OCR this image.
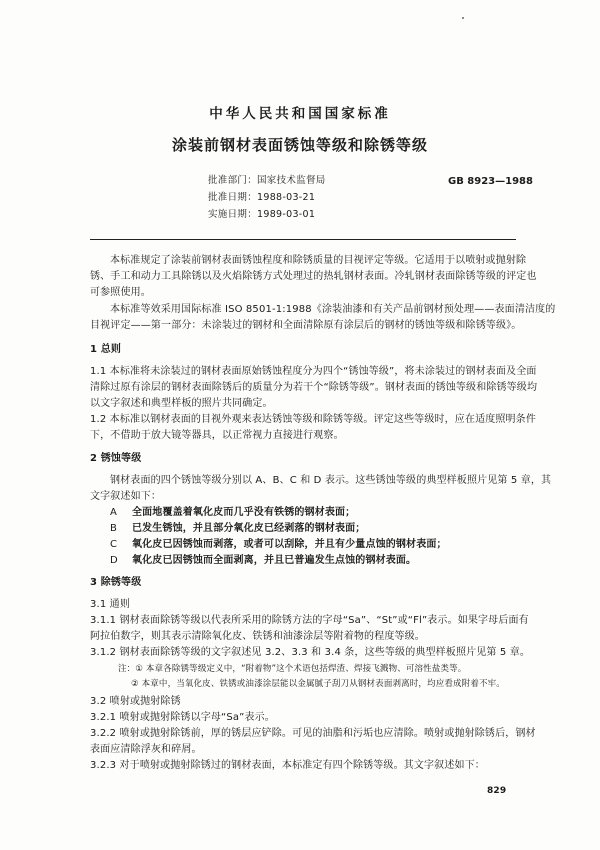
中华人民共和国国家标准
涂装前钢材表面锈蚀等级和除锈等级
批准部门：国家技术监督局
批准日期：1988-03-21
实施日期：1989-03-01
GB 8923—1988
本标准规定了涂装前钢材表面锈蚀程度和除锈质量的目视评定等级。它适用于以喷射或抛射除
锈、手工和动力工具除锈以及火焰除锈方式处理过的热轧钢材表面。冷轧钢材表面除锈等级的评定也
可参照使用。
本标准等效采用国际标准 ISO 8501-1:1988《涂装油漆和有关产品前钢材预处理——表面清洁度的
目视评定——第一部分：未涂装过的钢材和全面清除原有涂层后的钢材的锈蚀等级和除锈等级》。
1 总则
1.1 本标准将未涂装过的钢材表面原始锈蚀程度分为四个“锈蚀等级”，将未涂装过的钢材表面及全面
清除过原有涂层的钢材表面除锈后的质量分为若干个“除锈等级”。钢材表面的锈蚀等级和除锈等级均
以文字叙述和典型样板的照片共同确定。
1.2 本标准以钢材表面的目视外观来表达锈蚀等级和除锈等级。评定这些等级时，应在适度照明条件
下，不借助于放大镜等器具，以正常视力直接进行观察。
2 锈蚀等级
钢材表面的四个锈蚀等级分别以 A、B、C 和 D 表示。这些锈蚀等级的典型样板照片见第 5 章，其
文字叙述如下：
A 全面地覆盖着氧化皮而几乎没有铁锈的钢材表面；
B 已发生锈蚀，并且部分氧化皮已经剥落的钢材表面；
C 氧化皮已因锈蚀而剥落，或者可以刮除，并且有少量点蚀的钢材表面；
D 氧化皮已因锈蚀而全面剥离，并且已普遍发生点蚀的钢材表面。
3 除锈等级
3.1 通则
3.1.1 钢材表面除锈等级以代表所采用的除锈方法的字母“Sa”、“St”或“Fl”表示。如果字母后面有
阿拉伯数字，则其表示清除氧化皮、铁锈和油漆涂层等附着物的程度等级。
3.1.2 钢材表面除锈等级的文字叙述见 3.2、3.3 和 3.4 条，这些等级的典型样板照片见第 5 章。
注：① 本章各除锈等级定义中，“附着物”这个术语包括焊渣、焊接飞溅物、可溶性盐类等。
② 本章中，当氧化皮、铁锈或油漆涂层能以金属腻子刮刀从钢材表面剥离时，均应看成附着不牢。
3.2 喷射或抛射除锈
3.2.1 喷射或抛射除锈以字母“Sa”表示。
3.2.2 喷射或抛射除锈前，厚的锈层应铲除。可见的油脂和污垢也应清除。喷射或抛射除锈后，钢材
表面应清除浮灰和碎屑。
3.2.3 对于喷射或抛射除锈过的钢材表面，本标准定有四个除锈等级。其文字叙述如下：
829
